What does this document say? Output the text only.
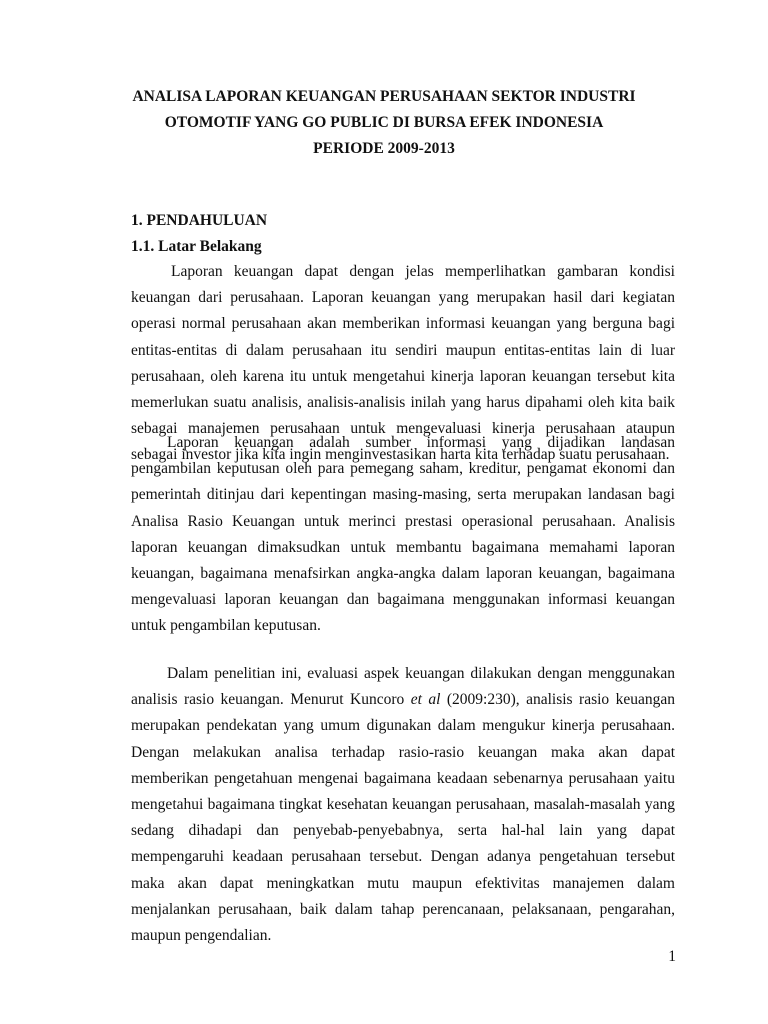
ANALISA LAPORAN KEUANGAN PERUSAHAAN SEKTOR INDUSTRI
OTOMOTIF YANG GO PUBLIC DI BURSA EFEK INDONESIA
PERIODE 2009-2013
1. PENDAHULUAN
1.1. Latar Belakang

Laporan keuangan dapat dengan jelas memperlihatkan gambaran kondisi keuangan dari perusahaan. Laporan keuangan yang merupakan hasil dari kegiatan operasi normal perusahaan akan memberikan informasi keuangan yang berguna bagi entitas-entitas di dalam perusahaan itu sendiri maupun entitas-entitas lain di luar perusahaan, oleh karena itu untuk mengetahui kinerja laporan keuangan tersebut kita memerlukan suatu analisis, analisis-analisis inilah yang harus dipahami oleh kita baik sebagai manajemen perusahaan untuk mengevaluasi kinerja perusahaan ataupun sebagai investor jika kita ingin menginvestasikan harta kita terhadap suatu perusahaan.

Laporan keuangan adalah sumber informasi yang dijadikan landasan pengambilan keputusan oleh para pemegang saham, kreditur, pengamat ekonomi dan pemerintah ditinjau dari kepentingan masing-masing, serta merupakan landasan bagi Analisa Rasio Keuangan untuk merinci prestasi operasional perusahaan. Analisis laporan keuangan dimaksudkan untuk membantu bagaimana memahami laporan keuangan, bagaimana menafsirkan angka-angka dalam laporan keuangan, bagaimana mengevaluasi laporan keuangan dan bagaimana menggunakan informasi keuangan untuk pengambilan keputusan.

Dalam penelitian ini, evaluasi aspek keuangan dilakukan dengan menggunakan analisis rasio keuangan. Menurut Kuncoro et al (2009:230), analisis rasio keuangan merupakan pendekatan yang umum digunakan dalam mengukur kinerja perusahaan. Dengan melakukan analisa terhadap rasio-rasio keuangan maka akan dapat memberikan pengetahuan mengenai bagaimana keadaan sebenarnya perusahaan yaitu mengetahui bagaimana tingkat kesehatan keuangan perusahaan, masalah-masalah yang sedang dihadapi dan penyebab-penyebabnya, serta hal-hal lain yang dapat mempengaruhi keadaan perusahaan tersebut. Dengan adanya pengetahuan tersebut maka akan dapat meningkatkan mutu maupun efektivitas manajemen dalam menjalankan perusahaan, baik dalam tahap perencanaan, pelaksanaan, pengarahan, maupun pengendalian.

1
